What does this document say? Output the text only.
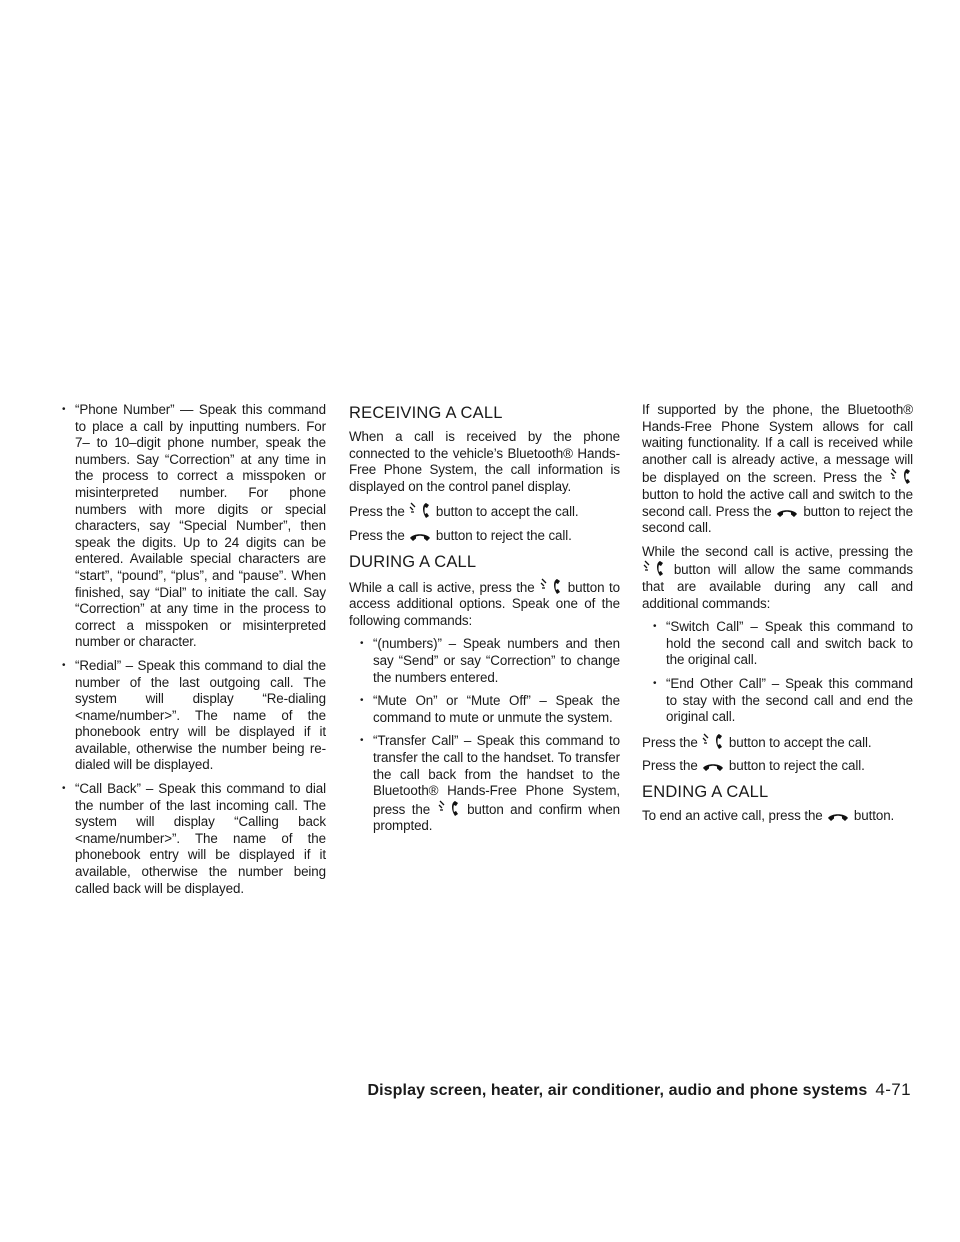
• “Phone Number” — Speak this command to place a call by inputting numbers. For 7– to 10–digit phone number, speak the numbers. Say “Correction” at any time in the process to correct a misspoken or misinterpreted number. For phone numbers with more digits or special characters, say “Special Number”, then speak the digits. Up to 24 digits can be entered. Available special characters are “start”, “pound”, “plus”, and “pause”. When finished, say “Dial” to initiate the call. Say “Correction” at any time in the process to correct a misspoken or misinterpreted number or character.
• “Redial” – Speak this command to dial the number of the last outgoing call. The system will display “Re-dialing <name/number>”. The name of the phonebook entry will be displayed if it available, otherwise the number being re-dialed will be displayed.
• “Call Back” – Speak this command to dial the number of the last incoming call. The system will display “Calling back <name/number>”. The name of the phonebook entry will be displayed if it available, otherwise the number being called back will be displayed.
RECEIVING A CALL

When a call is received by the phone connected to the vehicle’s Bluetooth® Hands-Free Phone System, the call information is displayed on the control panel display.

Press the button to accept the call.

Press the button to reject the call.

DURING A CALL

While a call is active, press the button to access additional options. Speak one of the following commands:

• “(numbers)” – Speak numbers and then say “Send” or say “Correction” to change the numbers entered.
• “Mute On” or “Mute Off” – Speak the command to mute or unmute the system.
• “Transfer Call” – Speak this command to transfer the call to the handset. To transfer the call back from the handset to the Bluetooth® Hands-Free Phone System, press the	button and confirm when prompted.

If supported by the phone, the Bluetooth® Hands-Free Phone System allows for call waiting functionality. If a call is received while another call is already active, a message will be displayed on the screen. Press the  button to hold the active call and switch to the second call. Press the button to reject the second call.

While the second call is active, pressing the  button will allow the same commands that are available during any call and additional commands:

• “Switch Call” – Speak this command to hold the second call and switch back to the original call.
• “End Other Call” – Speak this command to stay with the second call and end the original call.

Press the button to accept the call.

Press the button to reject the call.

ENDING A CALL

To end an active call, press the button.

Display screen, heater, air conditioner, audio and phone systems 4-71
